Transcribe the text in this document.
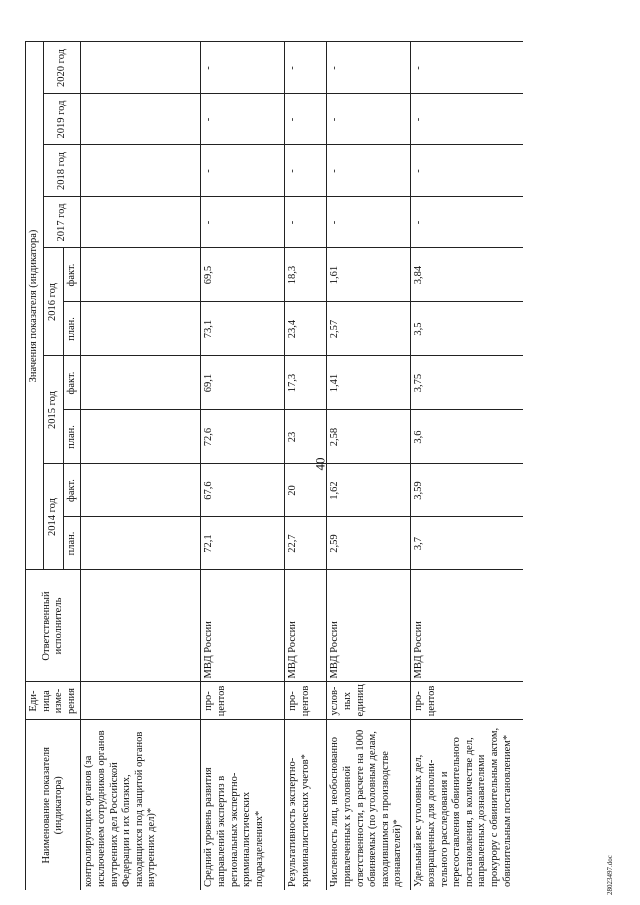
40
Наименование показателя (индикатора)	Еди-ница изме-рения	Ответственный исполнитель	Значения показателя (индикатора)									
			2014 год		2015 год		2016 год		2017 год	2018 год	2019 год	2020 год
			план.	факт.	план.	факт.	план.	факт.				
контролирующих органов (за исключением сотрудников органов внутренних дел Российской Федерации и их близких, находящихся под защитой органов внутренних дел)*												
Средний уровень развития направлений экспертиз в региональных экспертно-криминалистических подразделениях*	про-центов	МВД России	72,1	67,6	72,6	69,1	73,1	69,5	-	-	-	-
Результативность экспертно-криминалистических учетов*	про-центов	МВД России	22,7	20	23	17,3	23,4	18,3	-	-	-	-
Численность лиц, необоснованно привлеченных к уголовной ответственности, в расчете на 1000 обвиняемых (по уголовным делам, находившимся в производстве дознавателей)*	услов-ных единиц	МВД России	2,59	1,62	2,58	1,41	2,57	1,61	-	-	-	-
Удельный вес уголовных дел, возвращенных для дополни-тельного расследования и пересоставления обвинительного постановления, в количестве дел, направленных дознавателями прокурору с обвинительным актом, обвинительным постановлением*	про-центов	МВД России	3,7	3,59	3,6	3,75	3,5	3,84	-	-	-	-
28023497.doc
